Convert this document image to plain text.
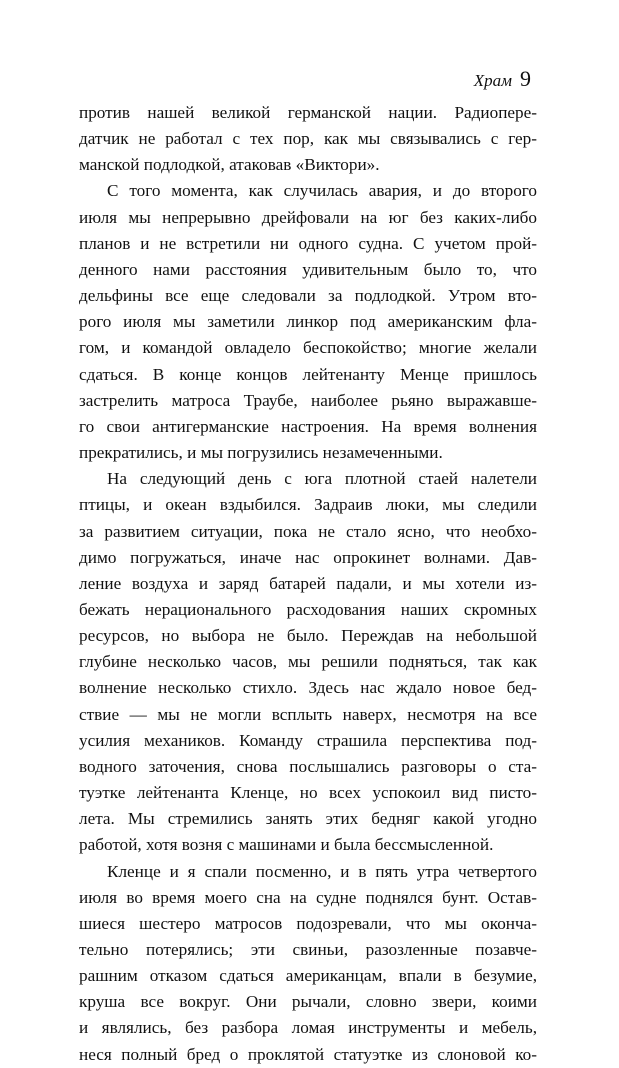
Храм 9

против нашей великой германской нации. Радиопере-
датчик не работал с тех пор, как мы связывались с гер-
манской подлодкой, атаковав «Виктори».

С того момента, как случилась авария, и до второго
июля мы непрерывно дрейфовали на юг без каких-либо
планов и не встретили ни одного судна. С учетом прой-
денного нами расстояния удивительным было то, что
дельфины все еще следовали за подлодкой. Утром вто-
рого июля мы заметили линкор под американским фла-
гом, и командой овладело беспокойство; многие желали
сдаться. В конце концов лейтенанту Менце пришлось
застрелить матроса Траубе, наиболее рьяно выражавше-
го свои антигерманские настроения. На время волнения
прекратились, и мы погрузились незамеченными.

На следующий день с юга плотной стаей налетели
птицы, и океан вздыбился. Задраив люки, мы следили
за развитием ситуации, пока не стало ясно, что необхо-
димо погружаться, иначе нас опрокинет волнами. Дав-
ление воздуха и заряд батарей падали, и мы хотели из-
бежать нерационального расходования наших скромных
ресурсов, но выбора не было. Переждав на небольшой
глубине несколько часов, мы решили подняться, так как
волнение несколько стихло. Здесь нас ждало новое бед-
ствие — мы не могли всплыть наверх, несмотря на все
усилия механиков. Команду страшила перспектива под-
водного заточения, снова послышались разговоры о ста-
туэтке лейтенанта Кленце, но всех успокоил вид писто-
лета. Мы стремились занять этих бедняг какой угодно
работой, хотя возня с машинами и была бессмысленной.

Кленце и я спали посменно, и в пять утра четвертого
июля во время моего сна на судне поднялся бунт. Остав-
шиеся шестеро матросов подозревали, что мы оконча-
тельно потерялись; эти свиньи, разозленные позавче-
рашним отказом сдаться американцам, впали в безумие,
круша все вокруг. Они рычали, словно звери, коими
и являлись, без разбора ломая инструменты и мебель,
неся полный бред о проклятой статуэтке из слоновой ко-
